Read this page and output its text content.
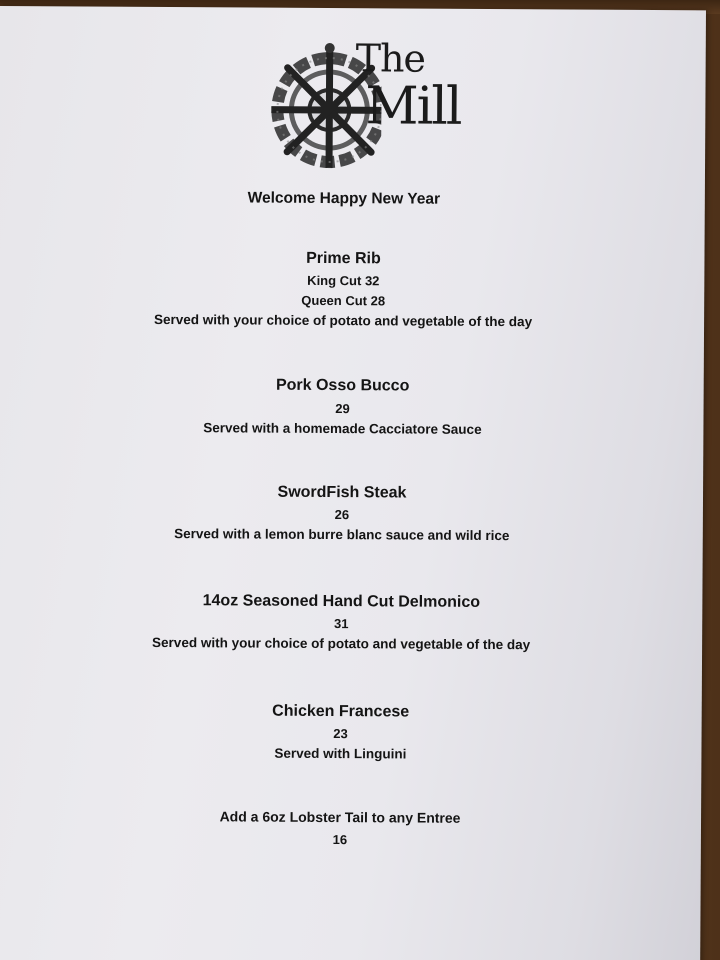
The
Mill
Welcome Happy New Year
Prime Rib
King Cut 32
Queen Cut 28
Served with your choice of potato and vegetable of the day
Pork Osso Bucco
29
Served with a homemade Cacciatore Sauce
SwordFish Steak
26
Served with a lemon burre blanc sauce and wild rice
14oz Seasoned Hand Cut Delmonico
31
Served with your choice of potato and vegetable of the day
Chicken Francese
23
Served with Linguini
Add a 6oz Lobster Tail to any Entree
16
